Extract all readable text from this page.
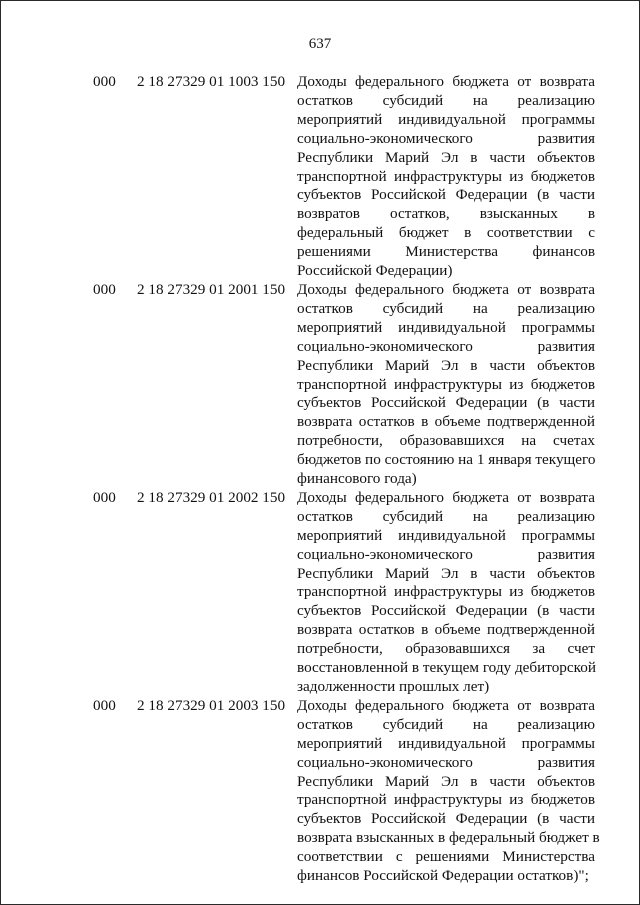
637
000 2 18 27329 01 1003 150 Доходы федерального бюджета от возврата
остатков субсидий на реализацию
мероприятий индивидуальной программы
социально-экономического развития
Республики Марий Эл в части объектов
транспортной инфраструктуры из бюджетов
субъектов Российской Федерации (в части
возвратов остатков, взысканных в
федеральный бюджет в соответствии с
решениями Министерства финансов
Российской Федерации)
000 2 18 27329 01 2001 150 Доходы федерального бюджета от возврата
остатков субсидий на реализацию
мероприятий индивидуальной программы
социально-экономического развития
Республики Марий Эл в части объектов
транспортной инфраструктуры из бюджетов
субъектов Российской Федерации (в части
возврата остатков в объеме подтвержденной
потребности, образовавшихся на счетах
бюджетов по состоянию на 1 января текущего
финансового года)
000 2 18 27329 01 2002 150 Доходы федерального бюджета от возврата
остатков субсидий на реализацию
мероприятий индивидуальной программы
социально-экономического развития
Республики Марий Эл в части объектов
транспортной инфраструктуры из бюджетов
субъектов Российской Федерации (в части
возврата остатков в объеме подтвержденной
потребности, образовавшихся за счет
восстановленной в текущем году дебиторской
задолженности прошлых лет)
000 2 18 27329 01 2003 150 Доходы федерального бюджета от возврата
остатков субсидий на реализацию
мероприятий индивидуальной программы
социально-экономического развития
Республики Марий Эл в части объектов
транспортной инфраструктуры из бюджетов
субъектов Российской Федерации (в части
возврата взысканных в федеральный бюджет в
соответствии с решениями Министерства
финансов Российской Федерации остатков)";
